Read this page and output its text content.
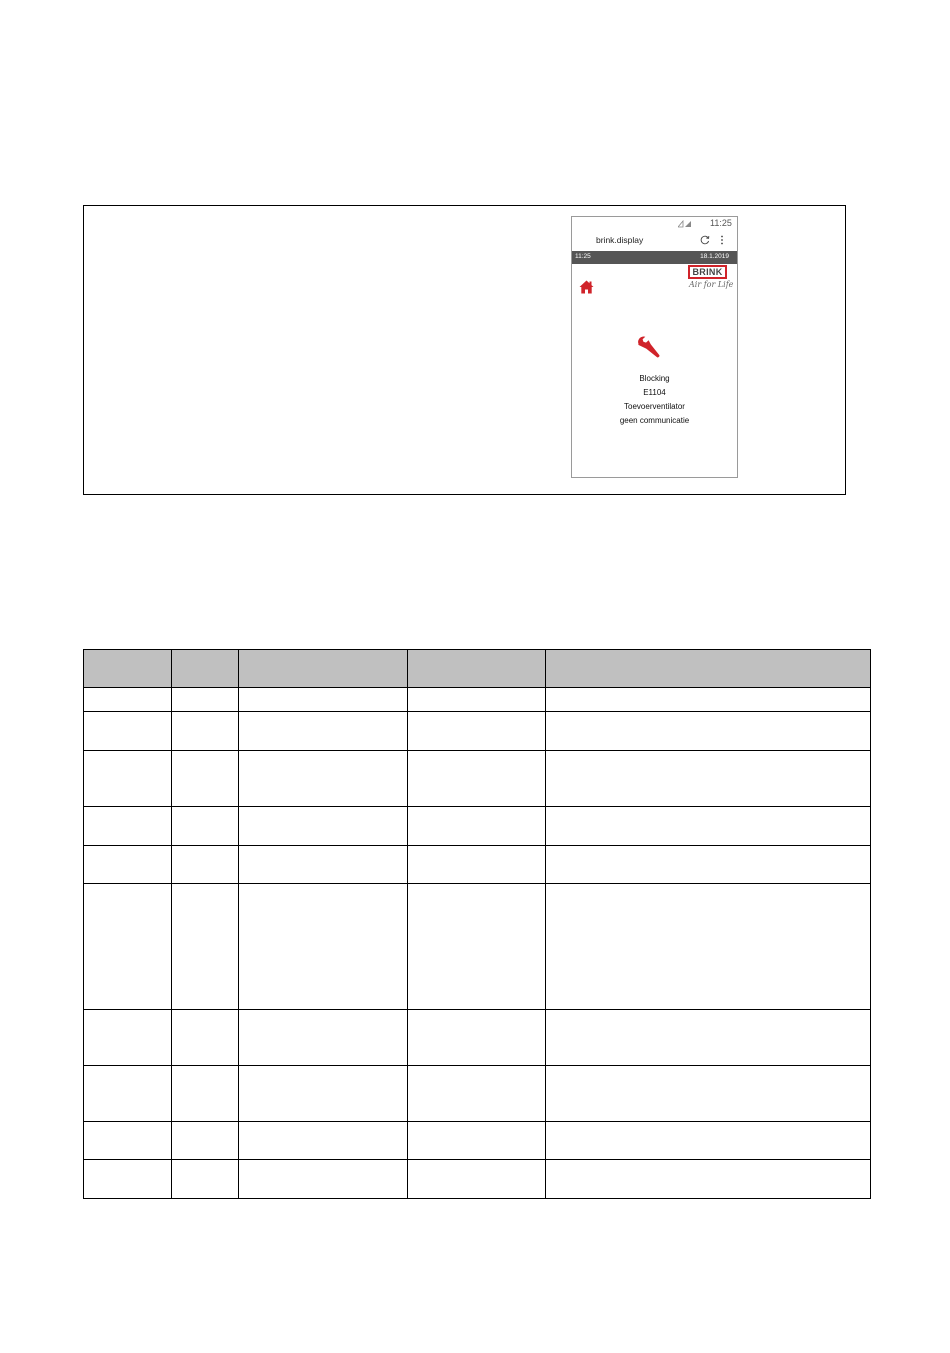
11:25
brink.display
11:25	18.1.2019
BRINK
Air for Life
Blocking
E1104
Toevoerventilator
geen communicatie
